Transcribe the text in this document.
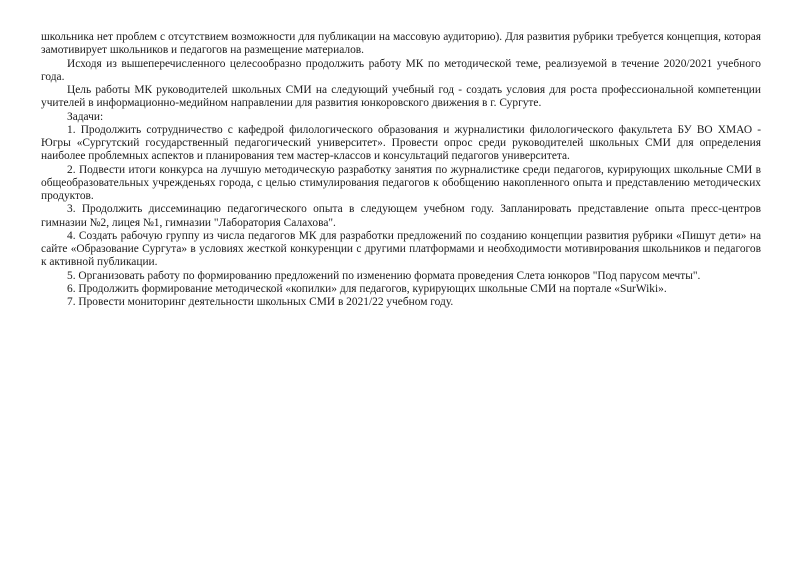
школьника нет проблем с отсутствием возможности для публикации на массовую аудиторию). Для развития рубрики требуется концепция, которая замотивирует школьников и педагогов на размещение материалов.

Исходя из вышеперечисленного целесообразно продолжить работу МК по методической теме, реализуемой в течение 2020/2021 учебного года.

Цель работы МК руководителей школьных СМИ на следующий учебный год - создать условия для роста профессиональной компетенции учителей в информационно-медийном направлении для развития юнкоровского движения в г. Сургуте.

Задачи:

1. Продолжить сотрудничество с кафедрой филологического образования и журналистики филологического факультета БУ ВО ХМАО - Югры «Сургутский государственный педагогический университет». Провести опрос среди руководителей школьных СМИ для определения наиболее проблемных аспектов и планирования тем мастер-классов и консультаций педагогов университета.

2. Подвести итоги конкурса на лучшую методическую разработку занятия по журналистике среди педагогов, курирующих школьные СМИ в общеобразовательных учрежденьях города, с целью стимулирования педагогов к обобщению накопленного опыта и представлению методических продуктов.

3. Продолжить диссеминацию педагогического опыта в следующем учебном году. Запланировать представление опыта пресс-центров гимназии №2, лицея №1, гимназии "Лаборатория Салахова".

4. Создать рабочую группу из числа педагогов МК для разработки предложений по созданию концепции развития рубрики «Пишут дети» на сайте «Образование Сургута» в условиях жесткой конкуренции с другими платформами и необходимости мотивирования школьников и педагогов к активной публикации.

5. Организовать работу по формированию предложений по изменению формата проведения Слета юнкоров "Под парусом мечты".

6. Продолжить формирование методической «копилки» для педагогов, курирующих школьные СМИ на портале «SurWiki».

7. Провести мониторинг деятельности школьных СМИ в 2021/22 учебном году.
